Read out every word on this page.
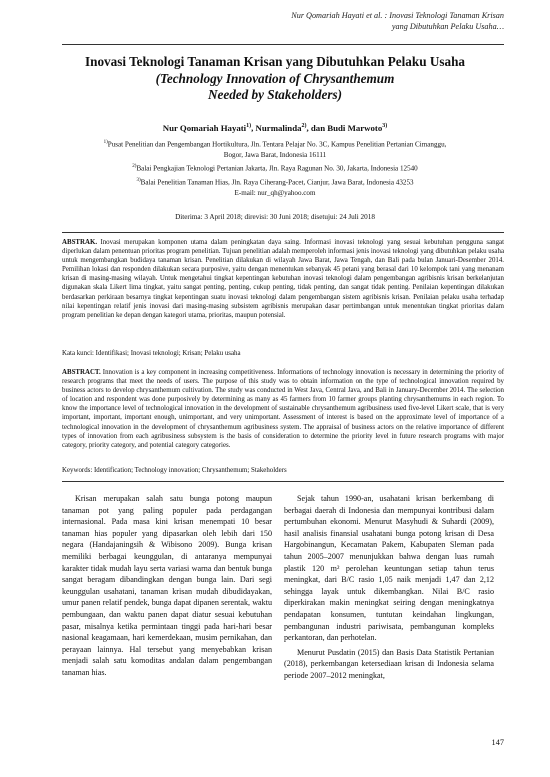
Nur Qomariah Hayati et al. : Inovasi Teknologi Tanaman Krisan
yang Dibutuhkan Pelaku Usaha…
Inovasi Teknologi Tanaman Krisan yang Dibutuhkan Pelaku Usaha
(Technology Innovation of Chrysanthemum
Needed by Stakeholders)
Nur Qomariah Hayati$^{1)}$, Nurmalinda$^{2)}$, dan Budi Marwoto$^{3)}$
$^{1)}$Pusat Penelitian dan Pengembangan Hortikultura, Jln. Tentara Pelajar No. 3C, Kampus Penelitian Pertanian Cimanggu,
Bogor, Jawa Barat, Indonesia 16111
$^{2)}$Balai Pengkajian Teknologi Pertanian Jakarta, Jln. Raya Ragunan No. 30, Jakarta, Indonesia 12540
$^{3)}$Balai Penelitian Tanaman Hias, Jln. Raya Ciherang-Pacet, Cianjur, Jawa Barat, Indonesia 43253
E-mail: nur_qh@yahoo.com
Diterima: 3 April 2018; direvisi: 30 Juni 2018; disetujui: 24 Juli 2018
ABSTRAK. Inovasi merupakan komponen utama dalam peningkatan daya saing. Informasi inovasi teknologi yang sesuai kebutuhan pengguna sangat diperlukan dalam penentuan prioritas program penelitian. Tujuan penelitian adalah memperoleh informasi jenis inovasi teknologi yang dibutuhkan pelaku usaha untuk mengembangkan budidaya tanaman krisan. Penelitian dilakukan di wilayah Jawa Barat, Jawa Tengah, dan Bali pada bulan Januari-Desember 2014. Pemilihan lokasi dan responden dilakukan secara purposive, yaitu dengan menentukan sebanyak 45 petani yang berasal dari 10 kelompok tani yang menanam krisan di masing-masing wilayah. Untuk mengetahui tingkat kepentingan kebutuhan inovasi teknologi dalam pengembangan agribisnis krisan berkelanjutan digunakan skala Likert lima tingkat, yaitu sangat penting, penting, cukup penting, tidak penting, dan sangat tidak penting. Penilaian kepentingan dilakukan berdasarkan perkiraan besarnya tingkat kepentingan suatu inovasi teknologi dalam pengembangan sistem agribisnis krisan. Penilaian pelaku usaha terhadap nilai kepentingan relatif jenis inovasi dari masing-masing subsistem agribisnis merupakan dasar pertimbangan untuk menentukan tingkat prioritas dalam program penelitian ke depan dengan kategori utama, prioritas, maupun potensial.
Kata kunci: Identifikasi; Inovasi teknologi; Krisan; Pelaku usaha
ABSTRACT. Innovation is a key component in increasing competitiveness. Informations of technology innovation is necessary in determining the priority of research programs that meet the needs of users. The purpose of this study was to obtain information on the type of technological innovation required by business actors to develop chrysanthemum cultivation. The study was conducted in West Java, Central Java, and Bali in January-December 2014. The selection of location and respondent was done purposively by determining as many as 45 farmers from 10 farmer groups planting chrysanthemums in each region. To know the importance level of technological innovation in the development of sustainable chrysanthemum agribusiness used five-level Likert scale, that is very important, important, important enough, unimportant, and very unimportant. Assessment of interest is based on the approximate level of importance of a technological innovation in the development of chrysanthemum agribusiness system. The appraisal of business actors on the relative importance of different types of innovation from each agribusiness subsystem is the basis of consideration to determine the priority level in future research programs with major category, priority category, and potential category categories.
Keywords: Identification; Technology innovation; Chrysanthemum; Stakeholders

Krisan merupakan salah satu bunga potong maupun tanaman pot yang paling populer pada perdagangan internasional. Pada masa kini krisan menempati 10 besar tanaman hias populer yang dipasarkan oleh lebih dari 150 negara (Handajaningsih & Wibisono 2009). Bunga krisan memiliki berbagai keunggulan, di antaranya mempunyai karakter tidak mudah layu serta variasi warna dan bentuk bunga sangat beragam dibandingkan dengan bunga lain. Dari segi keunggulan usahatani, tanaman krisan mudah dibudidayakan, umur panen relatif pendek, bunga dapat dipanen serentak, waktu pembungaan, dan waktu panen dapat diatur sesuai kebutuhan pasar, misalnya ketika permintaan tinggi pada hari-hari besar nasional keagamaan, hari kemerdekaan, musim pernikahan, dan perayaan lainnya. Hal tersebut yang menyebabkan krisan menjadi salah satu komoditas andalan dalam pengembangan tanaman hias.

Sejak tahun 1990-an, usahatani krisan berkembang di berbagai daerah di Indonesia dan mempunyai kontribusi dalam pertumbuhan ekonomi. Menurut Masyhudi & Suhardi (2009), hasil analisis finansial usahatani bunga potong krisan di Desa Hargobinangun, Kecamatan Pakem, Kabupaten Sleman pada tahun 2005–2007 menunjukkan bahwa dengan luas rumah plastik 120 m² perolehan keuntungan setiap tahun terus meningkat, dari B/C rasio 1,05 naik menjadi 1,47 dan 2,12 sehingga layak untuk dikembangkan. Nilai B/C rasio diperkirakan makin meningkat seiring dengan meningkatnya pendapatan konsumen, tuntutan keindahan lingkungan, pembangunan industri pariwisata, pembangunan kompleks perkantoran, dan perhotelan.

Menurut Pusdatin (2015) dan Basis Data Statistik Pertanian (2018), perkembangan ketersediaan krisan di Indonesia selama periode 2007–2012 meningkat,

147
